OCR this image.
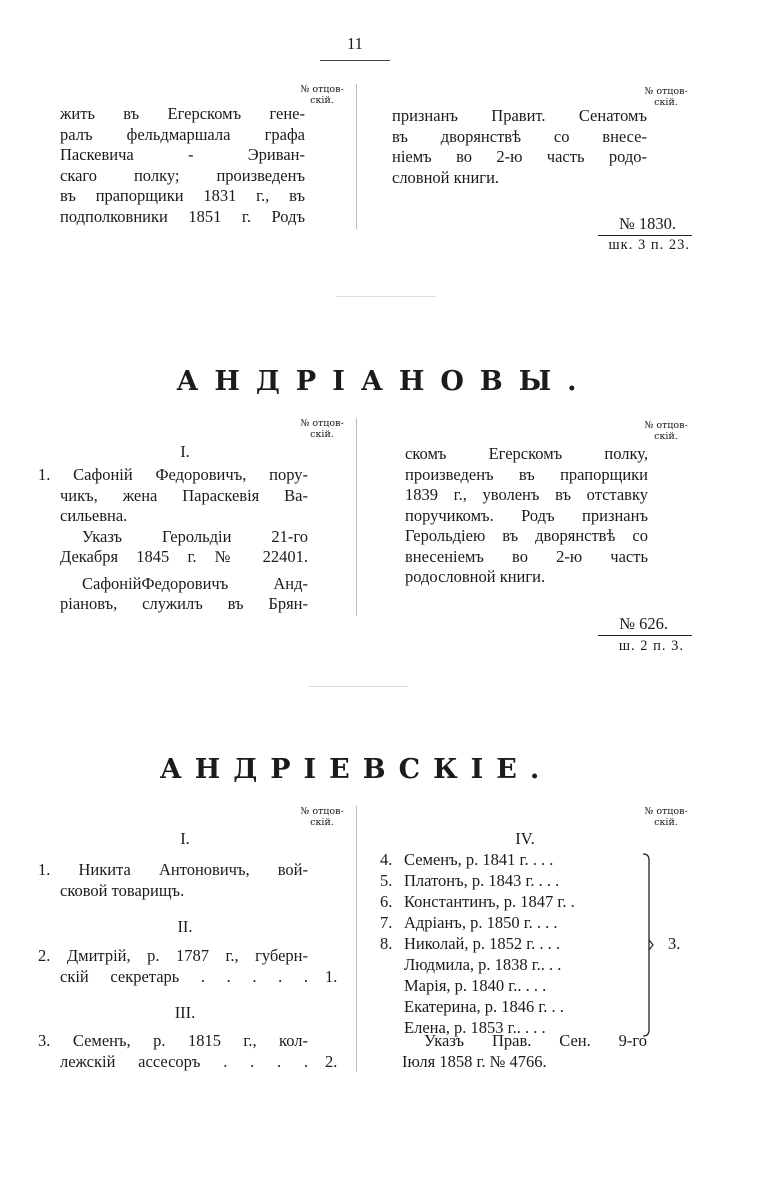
11
№ отцов-
скій.
№ отцов-
скій.
жить въ Егерскомъ гене-
ралъ фельдмаршала графа
Паскевича - Эриван-
скаго полку; произведенъ
въ прапорщики 1831 г., въ
подполковники 1851 г. Родъ
признанъ Правит. Сенатомъ
въ дворянствѣ со внесе-
ніемъ во 2-ю часть родо-
словной книги.
№ 1830.
шк. 3 п. 23.
АНДРІАНОВЫ.
№ отцов-
скій.
№ отцов-
скій.
I.
1. Сафоній Федоровичъ, пору-
чикъ, жена Параскевія Ва-
сильевна.
Указъ Герольдіи 21-го
Декабря 1845 г. № 22401.
СафонійФедоровичъ Анд-
ріановъ, служилъ въ Брян-
скомъ Егерскомъ полку,
произведенъ въ прапорщики
1839 г., уволенъ въ отставку
поручикомъ. Родъ признанъ
Герольдіею въ дворянствѣ со
внесеніемъ во 2-ю часть
родословной книги.
№ 626.
ш. 2 п. 3.
АНДРІЕВСКІЕ.
№ отцов-
скій.
№ отцов-
скій.
I.
1. Никита Антоновичъ, вой-
сковой товарищъ.
II.
2. Дмитрій, р. 1787 г., губерн-
скій секретарь . . . . . 1.
III.
3. Семенъ, р. 1815 г., кол-
лежскій ассесоръ . . . . 2.
IV.
4. Семенъ, р. 1841 г. . . .
5. Платонъ, р. 1843 г. . . .
6. Константинъ, р. 1847 г. .
7. Адріанъ, р. 1850 г. . . .
8. Николай, р. 1852 г. . . .
Людмила, р. 1838 г.. . .
Марія, р. 1840 г.. . . .
Екатерина, р. 1846 г. . .
Елена, р. 1853 г.. . . .
3.
Указъ Прав. Сен. 9-го
Іюля 1858 г. № 4766.
